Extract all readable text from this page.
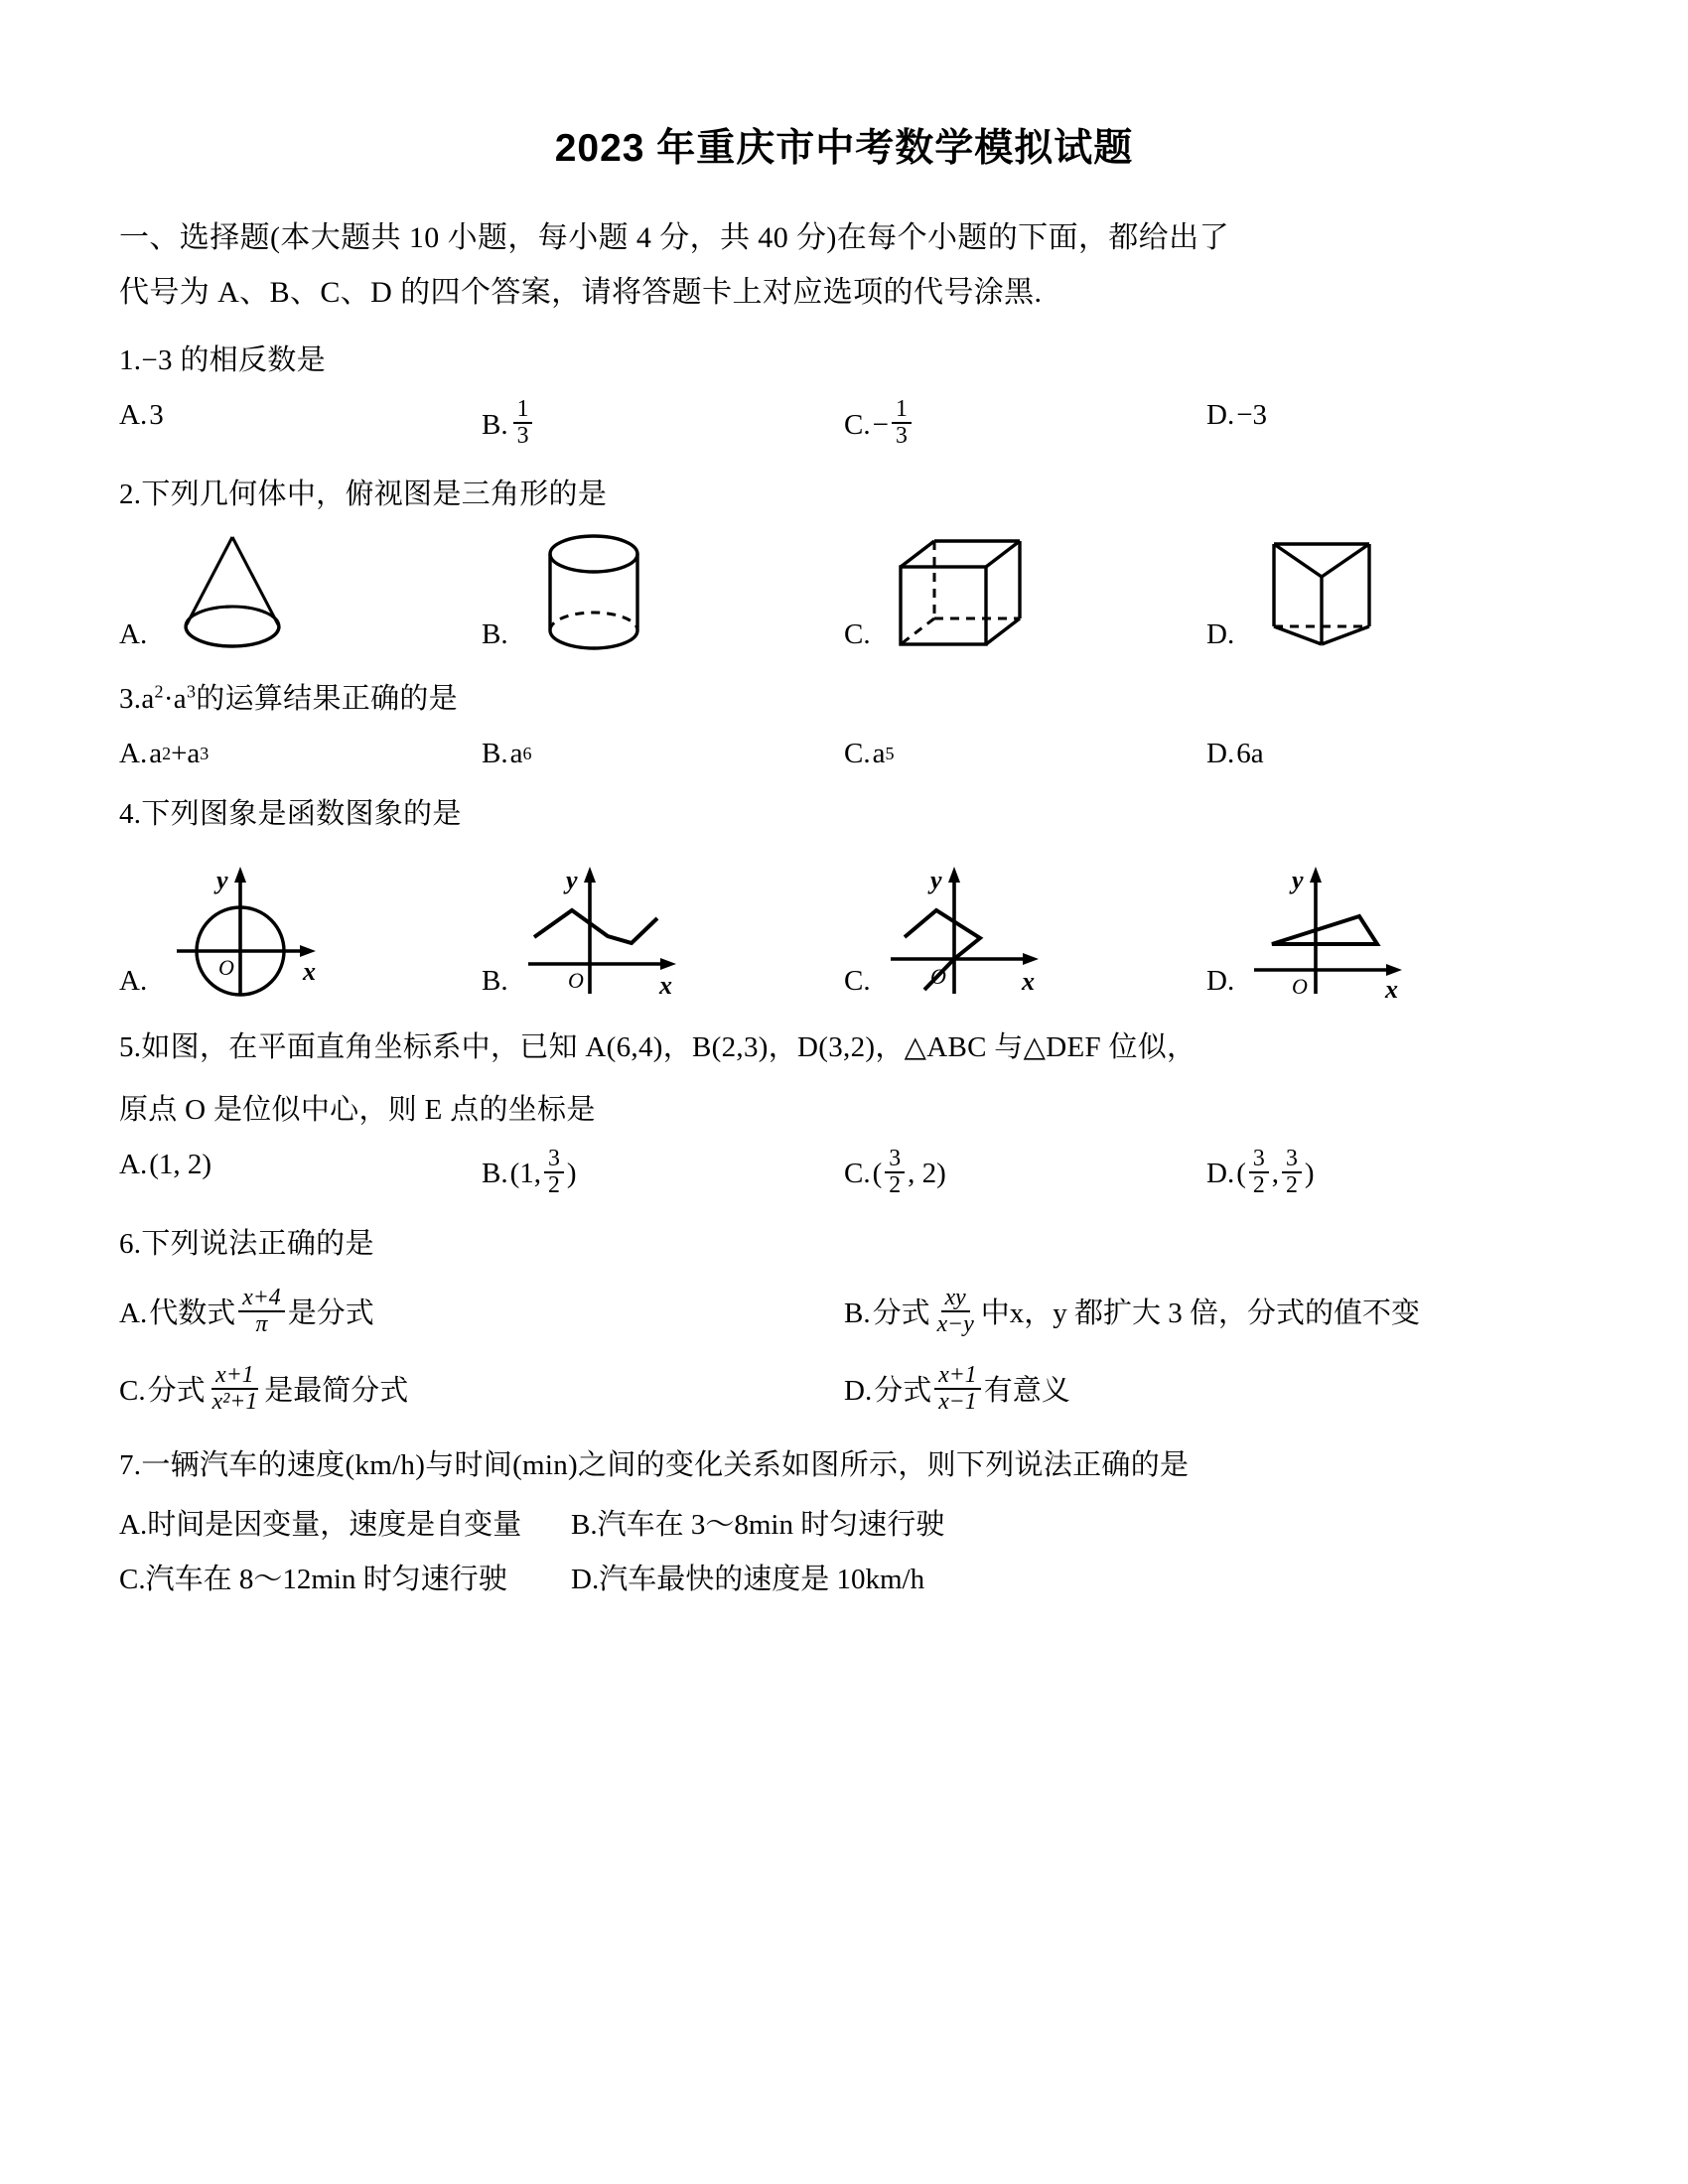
2023 年重庆市中考数学模拟试题
一、选择题(本大题共 10 小题，每小题 4 分，共 40 分)在每个小题的下面，都给出了
代号为 A、B、C、D 的四个答案，请将答题卡上对应选项的代号涂黑.
1.−3 的相反数是
A. 3	B. $\frac{1}{3}$	C. − $\frac{1}{3}$	D. −3
2.下列几何体中，俯视图是三角形的是
A.	B.	C.	D.
$3.a^2\cdot a^3$的运算结果正确的是
A. a 2 + a 3	B. a 6	C. a 5	D. 6a
4.下列图象是函数图象的是
A.	O	x
y
B.	O	x
y
C.	O	x
y
D.	O	x
y
5.如图，在平面直角坐标系中，已知 A(6,4)，B(2,3)，D(3,2)，△ABC 与△DEF 位似，
原点 O 是位似中心，则 E 点的坐标是
A. (1, 2)	B. (1, $\frac{3}{2}$ )	C. ( $\frac{3}{2}$ , 2)	D. ( $\frac{3}{2}$ , $\frac{3}{2}$ )
6.下列说法正确的是
A. 代数式 $\frac{x+4}{\pi}$ 是分式	B. 分式 $\frac{xy}{x-y}$ 中x，y 都扩大 3 倍，分式的值不变
C. 分式 $\frac{x+1}{\text{x²+1}}$ 是最简分式	D. 分式 $\frac{x+1}{x-1}$ 有意义
7.一辆汽车的速度(km/h)与时间(min)之间的变化关系如图所示，则下列说法正确的是
A.时间是因变量，速度是自变量	B.汽车在 3～8min 时匀速行驶
C.汽车在 8～12min 时匀速行驶	D.汽车最快的速度是 10km/h
